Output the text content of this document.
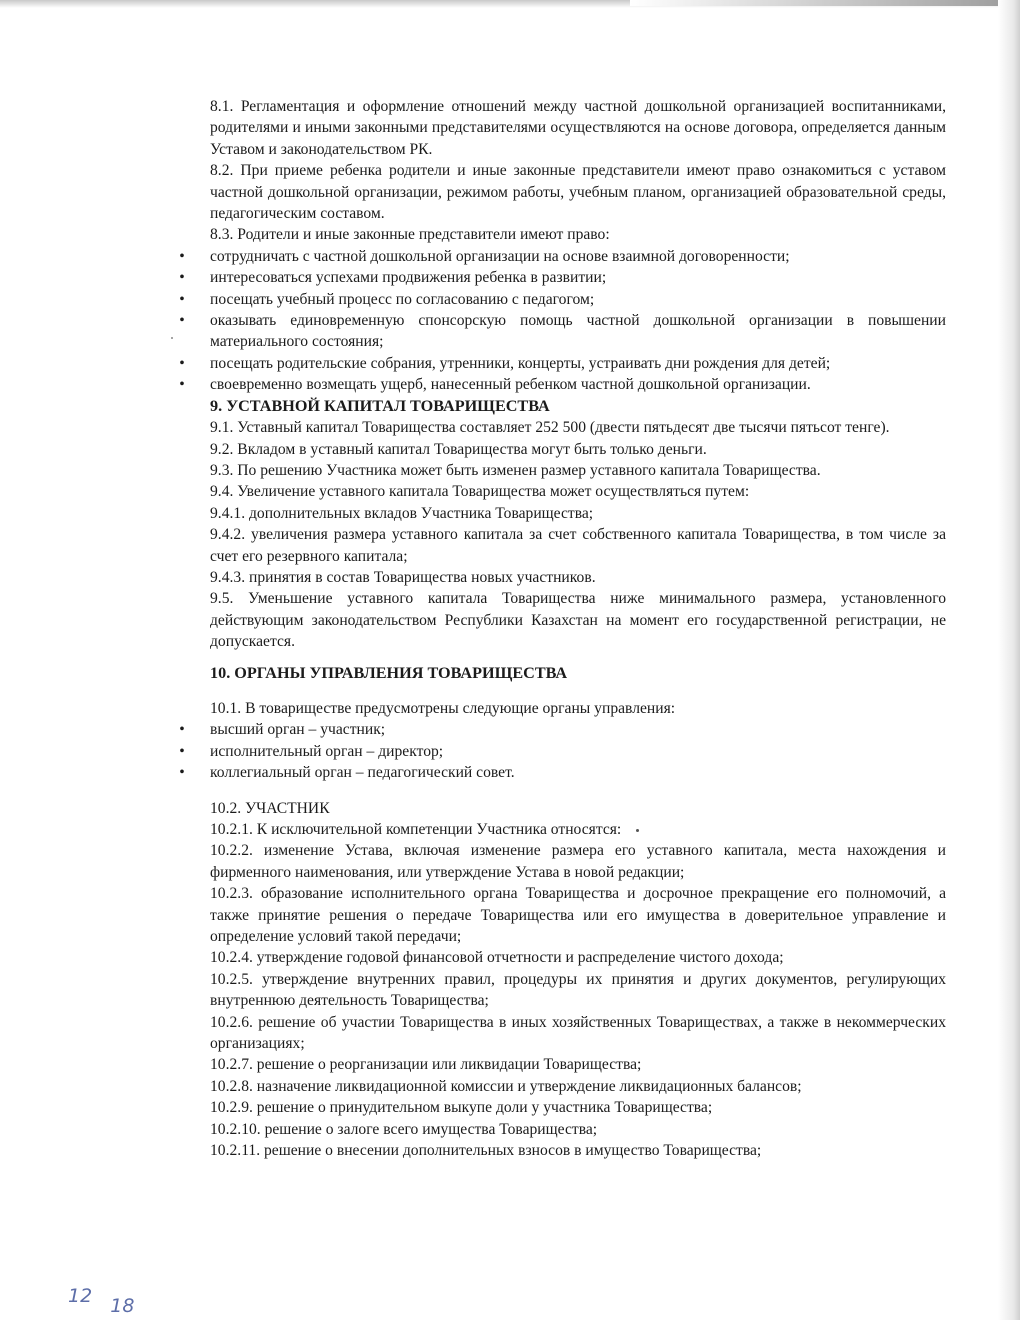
8.1. Регламентация и оформление отношений между частной дошкольной организацией воспитанниками, родителями и иными законными представителями осуществляются на основе договора, определяется данным Уставом и законодательством РК.

8.2. При приеме ребенка родители и иные законные представители имеют право ознакомиться с уставом частной дошкольной организации, режимом работы, учебным планом, организацией образовательной среды, педагогическим составом.

8.3. Родители и иные законные представители имеют право:

• сотрудничать с частной дошкольной организации на основе взаимной договоренности;
• интересоваться успехами продвижения ребенка в развитии;
• посещать учебный процесс по согласованию с педагогом;
• оказывать единовременную спонсорскую помощь частной дошкольной организации в повышении материального состояния;
• посещать родительские собрания, утренники, концерты, устраивать дни рождения для детей;
• своевременно возмещать ущерб, нанесенный ребенком частной дошкольной организации.
9. УСТАВНОЙ КАПИТАЛ ТОВАРИЩЕСТВА

9.1. Уставный капитал Товарищества составляет 252 500 (двести пятьдесят две тысячи пятьсот тенге).

9.2. Вкладом в уставный капитал Товарищества могут быть только деньги.

9.3. По решению Участника может быть изменен размер уставного капитала Товарищества.

9.4. Увеличение уставного капитала Товарищества может осуществляться путем:

9.4.1. дополнительных вкладов Участника Товарищества;

9.4.2. увеличения размера уставного капитала за счет собственного капитала Товарищества, в том числе за счет его резервного капитала;

9.4.3. принятия в состав Товарищества новых участников.

9.5. Уменьшение уставного капитала Товарищества ниже минимального размера, установленного действующим законодательством Республики Казахстан на момент его государственной регистрации, не допускается.

10. ОРГАНЫ УПРАВЛЕНИЯ ТОВАРИЩЕСТВА

10.1. В товариществе предусмотрены следующие органы управления:

• высший орган – участник;
• исполнительный орган – директор;
• коллегиальный орган – педагогический совет.

10.2. УЧАСТНИК

10.2.1. К исключительной компетенции Участника относятся:

10.2.2. изменение Устава, включая изменение размера его уставного капитала, места нахождения и фирменного наименования, или утверждение Устава в новой редакции;

10.2.3. образование исполнительного органа Товарищества и досрочное прекращение его полномочий, а также принятие решения о передаче Товарищества или его имущества в доверительное управление и определение условий такой передачи;

10.2.4. утверждение годовой финансовой отчетности и распределение чистого дохода;

10.2.5. утверждение внутренних правил, процедуры их принятия и других документов, регулирующих внутреннюю деятельность Товарищества;

10.2.6. решение об участии Товарищества в иных хозяйственных Товариществах, а также в некоммерческих организациях;

10.2.7. решение о реорганизации или ликвидации Товарищества;

10.2.8. назначение ликвидационной комиссии и утверждение ликвидационных балансов;

10.2.9. решение о принудительном выкупе доли у участника Товарищества;

10.2.10. решение о залоге всего имущества Товарищества;

10.2.11. решение о внесении дополнительных взносов в имущество Товарищества;

12 18
